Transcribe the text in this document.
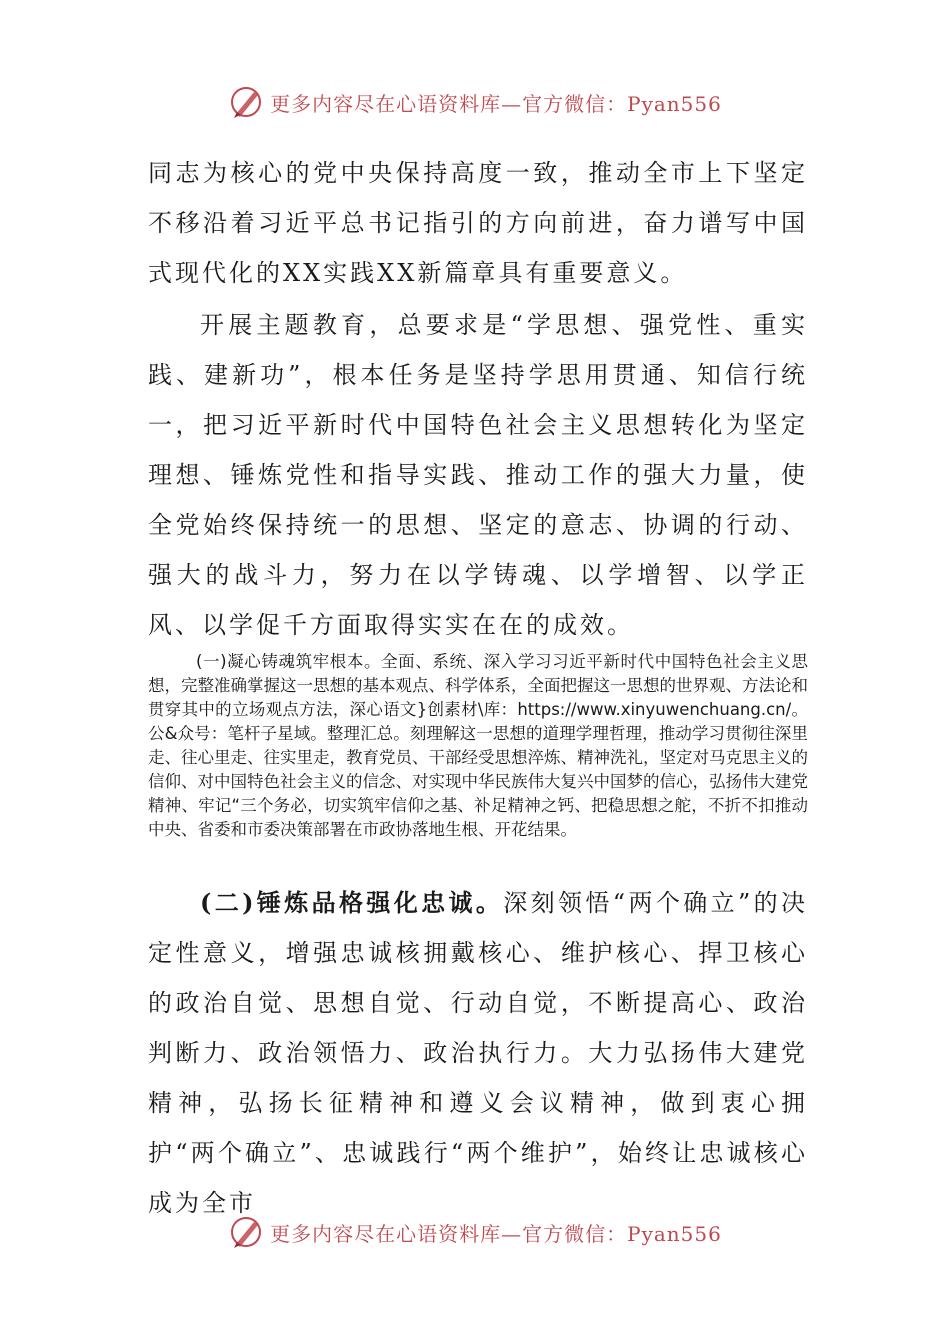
更多内容尽在心语资料库—官方微信：Pyan556

同志为核心的党中央保持高度一致，推动全市上下坚定不移沿着习近平总书记指引的方向前进，奋力谱写中国式现代化的XX实践XX新篇章具有重要意义。

开展主题教育，总要求是“学思想、强党性、重实践、建新功”，根本任务是坚持学思用贯通、知信行统一，把习近平新时代中国特色社会主义思想转化为坚定理想、锤炼党性和指导实践、推动工作的强大力量，使全党始终保持统一的思想、坚定的意志、协调的行动、强大的战斗力，努力在以学铸魂、以学增智、以学正风、以学促千方面取得实实在在的成效。

(一)凝心铸魂筑牢根本。全面、系统、深入学习习近平新时代中国特色社会主义思想，完整准确掌握这一思想的基本观点、科学体系，全面把握这一思想的世界观、方法论和贯穿其中的立场观点方法，深心语文}创素材\库：https://www.xinyuwenchuang.cn/。公&众号：笔杆子星域。整理汇总。刻理解这一思想的道理学理哲理，推动学习贯彻往深里走、往心里走、往实里走，教育党员、干部经受思想淬炼、精神洗礼，坚定对马克思主义的信仰、对中国特色社会主义的信念、对实现中华民族伟大复兴中国梦的信心，弘扬伟大建党精神、牢记“三个务必，切实筑牢信仰之基、补足精神之钙、把稳思想之舵，不折不扣推动中央、省委和市委决策部署在市政协落地生根、开花结果。

(二)锤炼品格强化忠诚。深刻领悟“两个确立”的决定性意义，增强忠诚核拥戴核心、维护核心、捍卫核心的政治自觉、思想自觉、行动自觉，不断提高心、政治判断力、政治领悟力、政治执行力。大力弘扬伟大建党精神，弘扬长征精神和遵义会议精神，做到衷心拥护“两个确立”、忠诚践行“两个维护”，始终让忠诚核心成为全市

更多内容尽在心语资料库—官方微信：Pyan556
